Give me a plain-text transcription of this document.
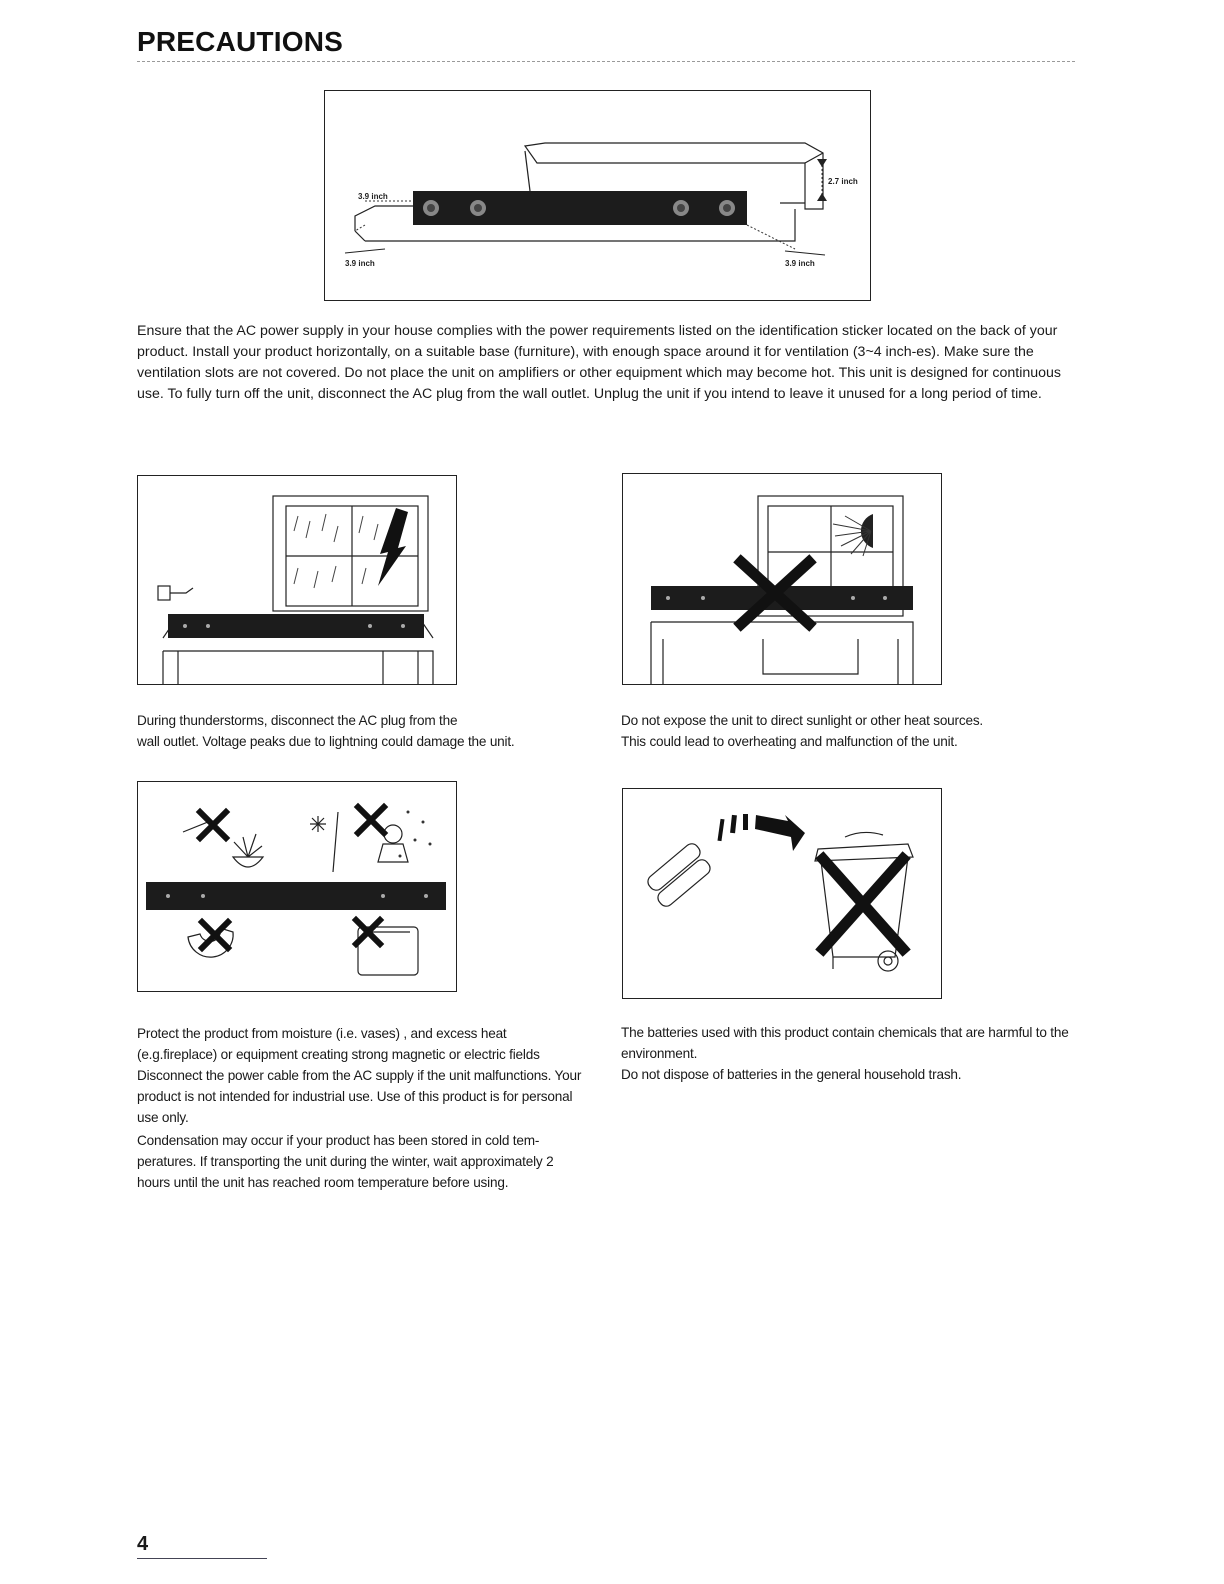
PRECAUTIONS
2.7 inch
3.9 inch
3.9 inch	3.9 inch

Ensure that the AC power supply in your house complies with the power requirements listed on the identification sticker located on the back of your product. Install your product horizontally, on a suitable base (furniture), with enough space around it for ventilation (3~4 inch-es). Make sure the ventilation slots are not covered. Do not place the unit on amplifiers or other equipment which may become hot. This unit is designed for continuous use. To fully turn off the unit, disconnect the AC plug from the wall outlet. Unplug the unit if you intend to leave it unused for a long period of time.

During thunderstorms, disconnect the AC plug from the

wall outlet. Voltage peaks due to lightning could damage the unit.

Do not expose the unit to direct sunlight or other heat sources.

This could lead to overheating and malfunction of the unit.

Protect the product from moisture (i.e. vases) , and excess heat (e.g.fireplace) or equipment creating strong magnetic or electric fields Disconnect the power cable from the AC supply if the unit malfunctions. Your product is not intended for industrial use. Use of this product is for personal use only.

Condensation may occur if your product has been stored in cold tem-peratures. If transporting the unit during the winter, wait approximately 2 hours until the unit has reached room temperature before using.

The batteries used with this product contain chemicals that are harmful to the environment.

Do not dispose of batteries in the general household trash.

4
